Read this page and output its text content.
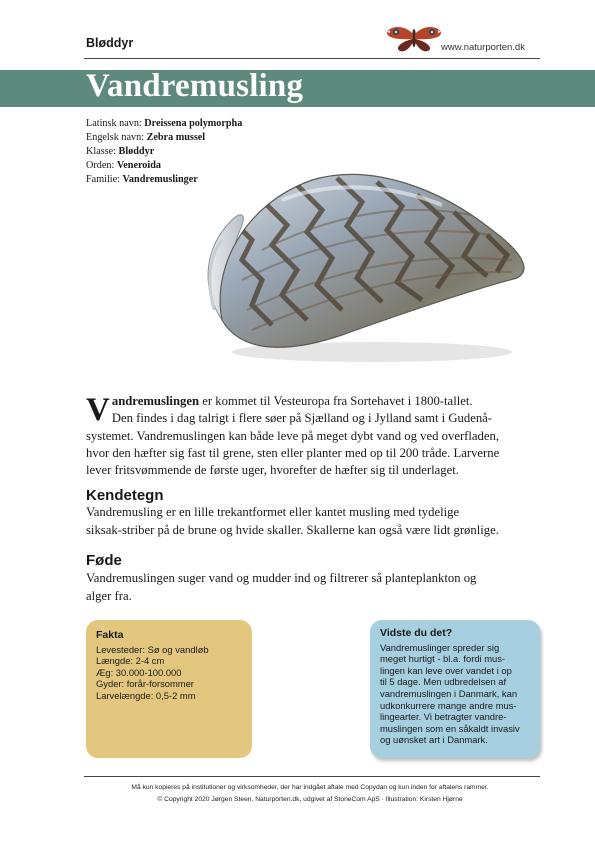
Bløddyr	www.naturporten.dk
Vandremusling
Latinsk navn: Dreissena polymorpha
Engelsk navn: Zebra mussel
Klasse: Bløddyr
Orden: Veneroida
Familie: Vandremuslinger
V andremuslingen er kommet til Vesteuropa fra Sortehavet i 1800-tallet.
Den findes i dag talrigt i flere søer på Sjælland og i Jylland samt i Gudenå-
systemet. Vandremuslingen kan både leve på meget dybt vand og ved overfladen,
hvor den hæfter sig fast til grene, sten eller planter med op til 200 tråde. Larverne
lever fritsvømmende de første uger, hvorefter de hæfter sig til underlaget.
Kendetegn
Vandremusling er en lille trekantformet eller kantet musling med tydelige
siksak-striber på de brune og hvide skaller. Skallerne kan også være lidt grønlige.
Føde
Vandremuslingen suger vand og mudder ind og filtrerer så planteplankton og
alger fra.
Fakta
Levesteder: Sø og vandløb
Længde: 2-4 cm
Æg: 30.000-100.000
Gyder: forår-forsommer
Larvelængde: 0,5-2 mm
Vidste du det?
Vandremuslinger spreder sig
meget hurtigt - bl.a. fordi mus-
lingen kan leve over vandet i op
til 5 dage. Men udbredelsen af
vandremuslingen i Danmark, kan
udkonkurrere mange andre mus-
lingearter. Vi betragter vandre-
muslingen som en såkaldt invasiv
og uønsket art i Danmark.
Må kun kopieres på institutioner og virksomheder, der har indgået aftale med Copydan og kun inden for aftalens rammer.
© Copyright 2020 Jørgen Steen, Naturporten.dk, udgivet af StoneCom ApS · Illustration: Kirsten Hjørne
